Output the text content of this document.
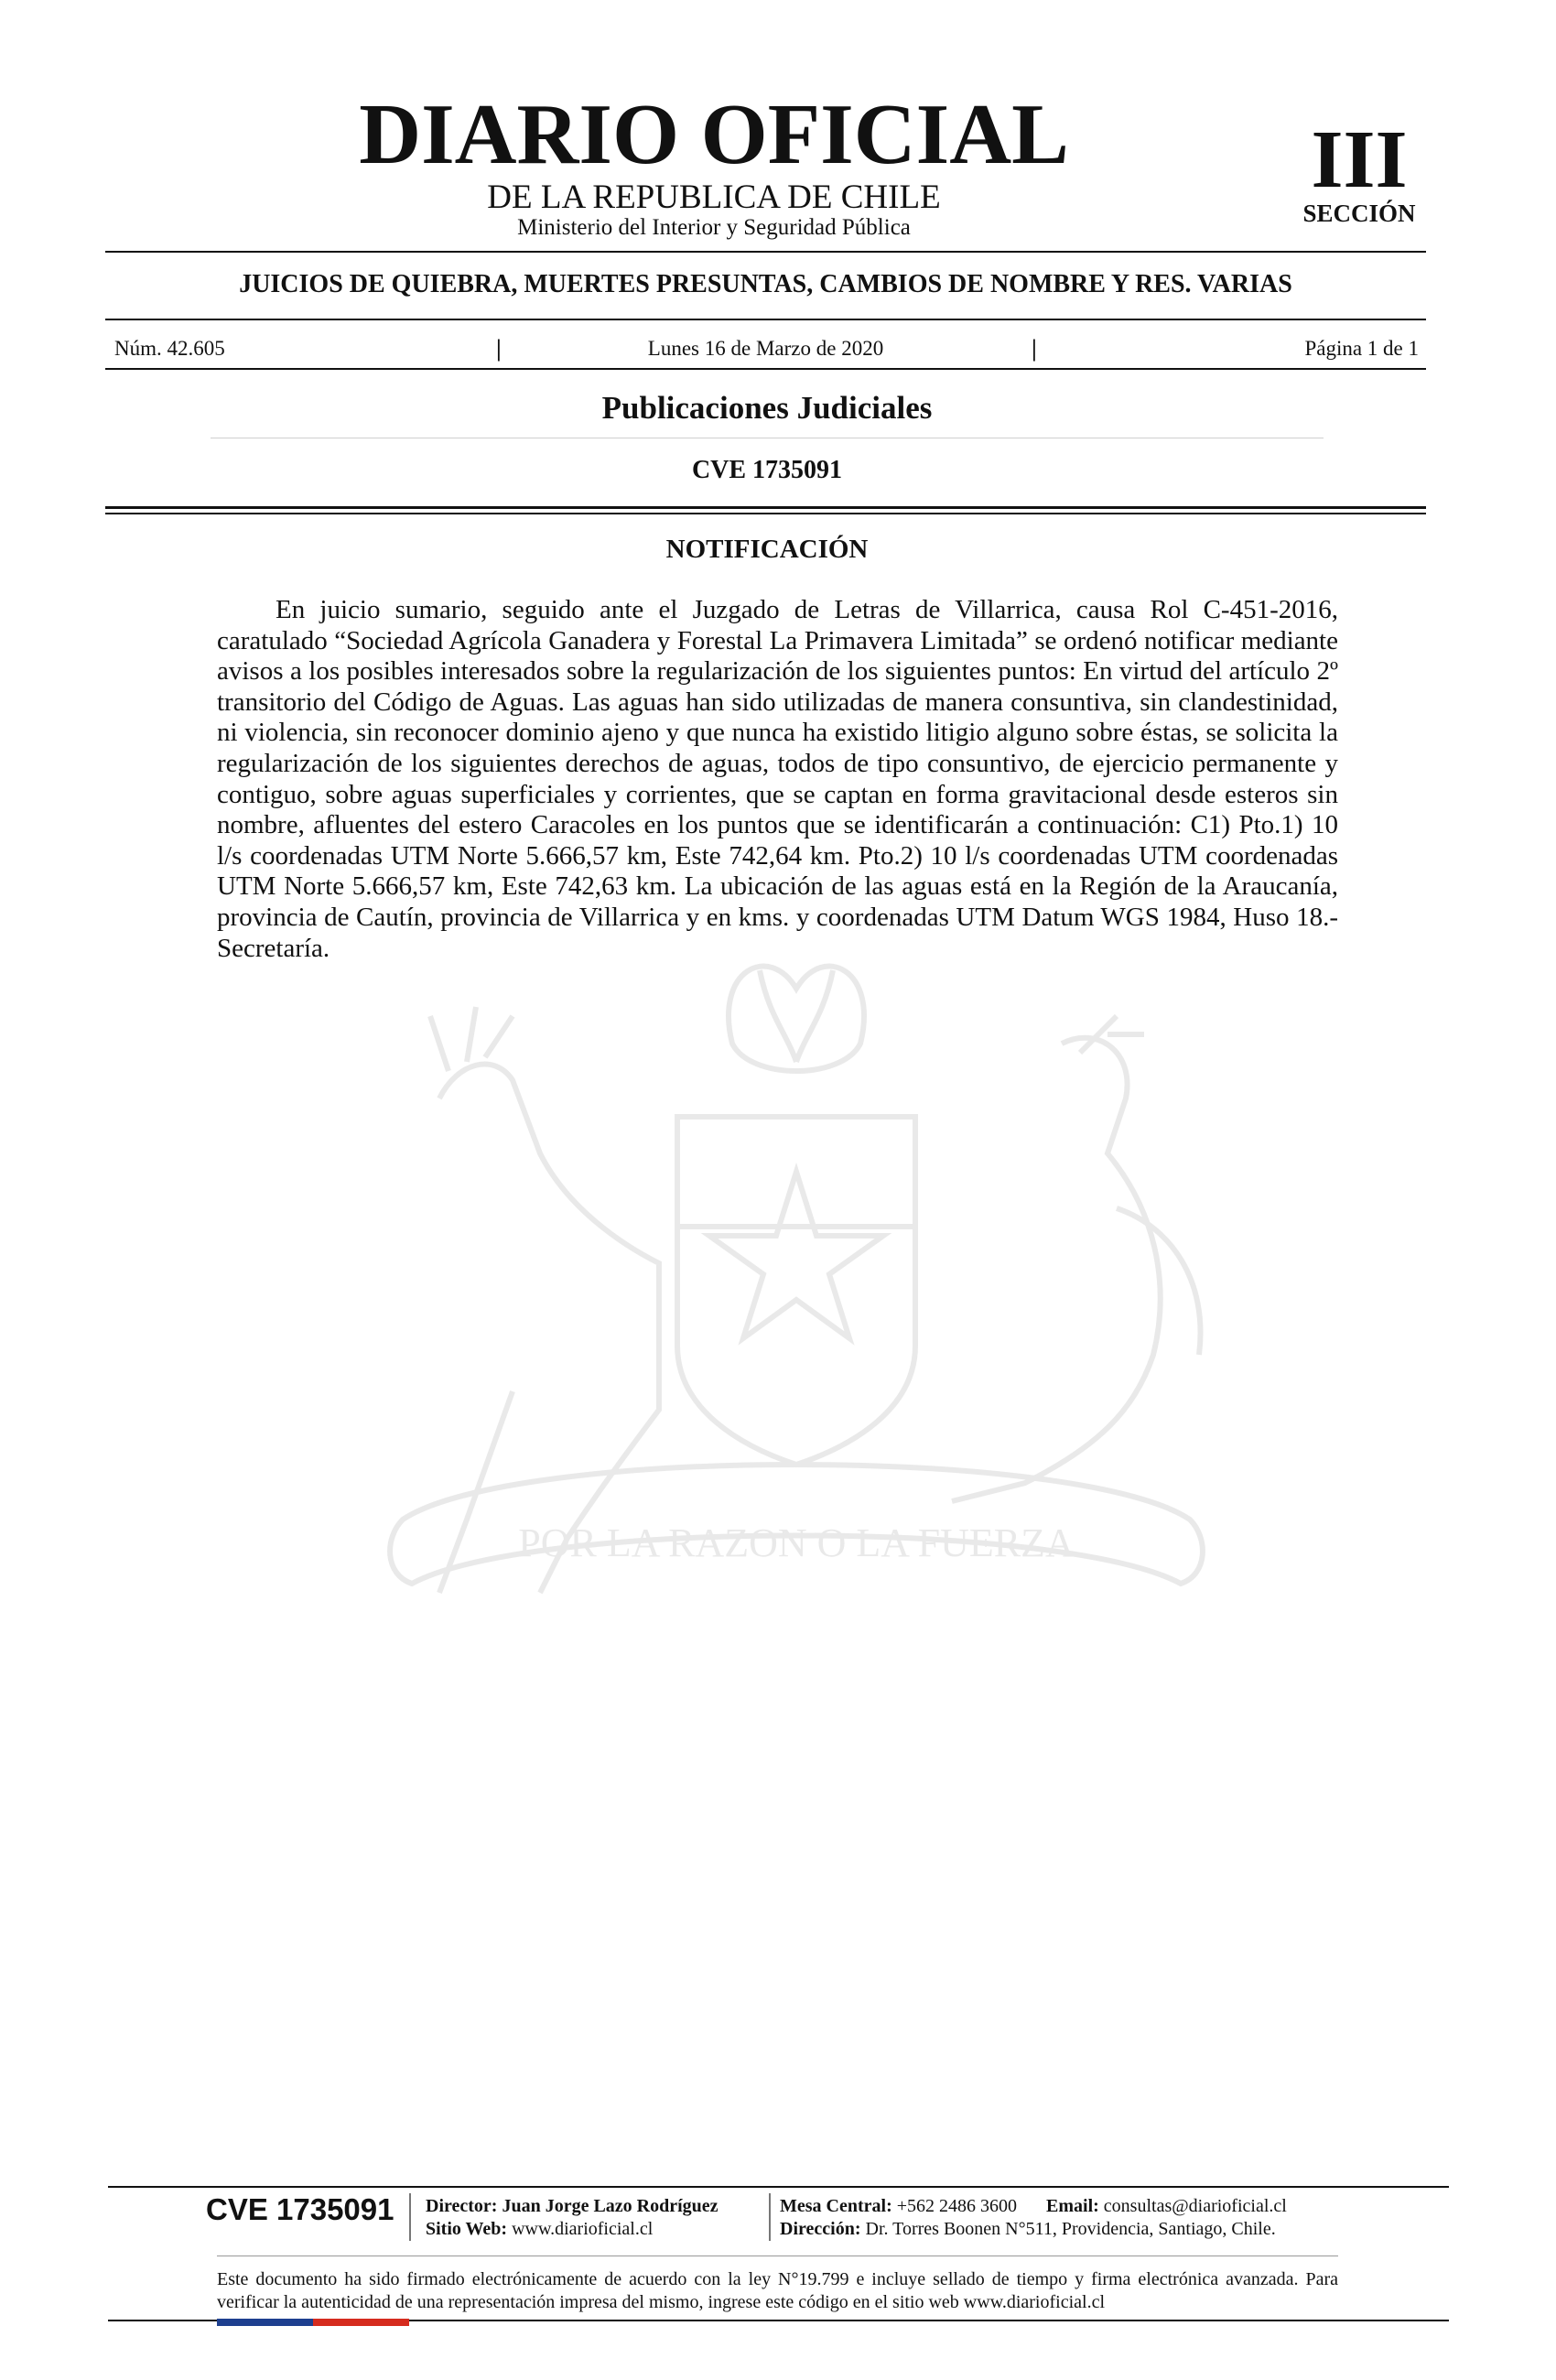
DIARIO OFICIAL
DE LA REPUBLICA DE CHILE
Ministerio del Interior y Seguridad Pública
III
SECCIÓN
JUICIOS DE QUIEBRA, MUERTES PRESUNTAS, CAMBIOS DE NOMBRE Y RES. VARIAS
Núm. 42.605	|	Lunes 16 de Marzo de 2020	|	Página 1 de 1
Publicaciones Judiciales
CVE 1735091
NOTIFICACIÓN
En juicio sumario, seguido ante el Juzgado de Letras de Villarrica, causa Rol C-451-2016, caratulado “Sociedad Agrícola Ganadera y Forestal La Primavera Limitada” se ordenó notificar mediante avisos a los posibles interesados sobre la regularización de los siguientes puntos: En virtud del artículo 2º transitorio del Código de Aguas. Las aguas han sido utilizadas de manera consuntiva, sin clandestinidad, ni violencia, sin reconocer dominio ajeno y que nunca ha existido litigio alguno sobre éstas, se solicita la regularización de los siguientes derechos de aguas, todos de tipo consuntivo, de ejercicio permanente y contiguo, sobre aguas superficiales y corrientes, que se captan en forma gravitacional desde esteros sin nombre, afluentes del estero Caracoles en los puntos que se identificarán a continuación: C1) Pto.1) 10 l/s coordenadas UTM Norte 5.666,57 km, Este 742,64 km. Pto.2) 10 l/s coordenadas UTM coordenadas UTM Norte 5.666,57 km, Este 742,63 km. La ubicación de las aguas está en la Región de la Araucanía, provincia de Cautín, provincia de Villarrica y en kms. y coordenadas UTM Datum WGS 1984, Huso 18.- Secretaría.
POR LA RAZON O LA FUERZA
CVE 1735091	Director: Juan Jorge Lazo Rodríguez
Sitio Web: www.diarioficial.cl
Mesa Central: +562 2486 3600 Email: consultas@diarioficial.cl
Dirección: Dr. Torres Boonen N°511, Providencia, Santiago, Chile.
Este documento ha sido firmado electrónicamente de acuerdo con la ley N°19.799 e incluye sellado de tiempo y firma electrónica avanzada. Para verificar la autenticidad de una representación impresa del mismo, ingrese este código en el sitio web www.diarioficial.cl
